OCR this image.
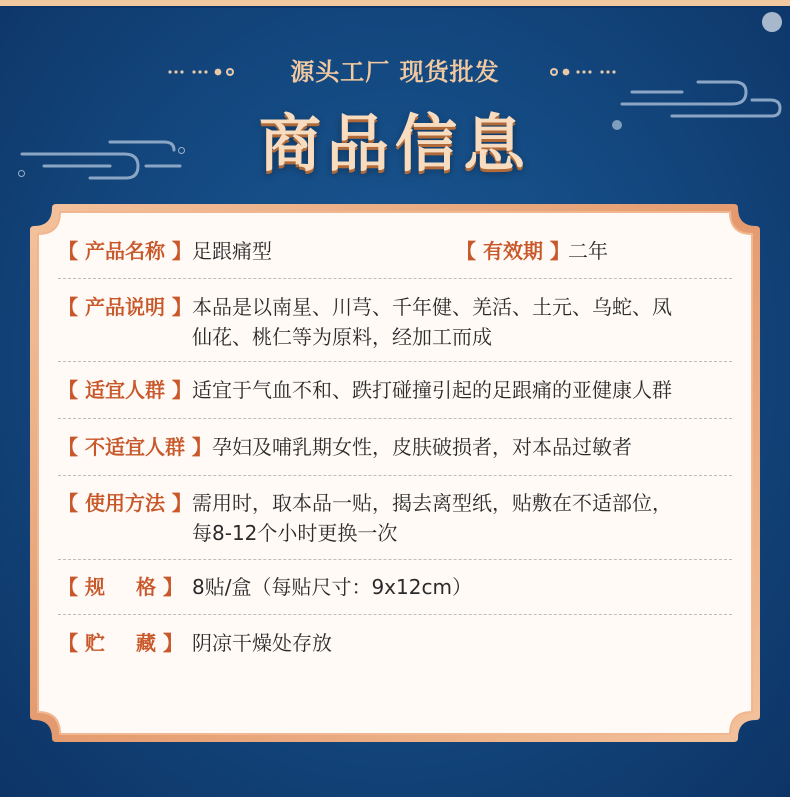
源头工厂 现货批发
商品信息
【 产品名称 】 足跟痛型	【 有效期 】
二年
【 产品说明 】 本品是以南星、川芎、千年健、羌活、土元、乌蛇、凤
仙花、桃仁等为原料，经加工而成
【 适宜人群 】 适宜于气血不和、跌打碰撞引起的足跟痛的亚健康人群
【 不适宜人群 】 孕妇及哺乳期女性，皮肤破损者，对本品过敏者
【 使用方法 】 需用时，取本品一贴，揭去离型纸，贴敷在不适部位，
每8-12个小时更换一次
【 规 格 】 8贴/盒（每贴尺寸：9x12cm）
【 贮 藏 】 阴凉干燥处存放
